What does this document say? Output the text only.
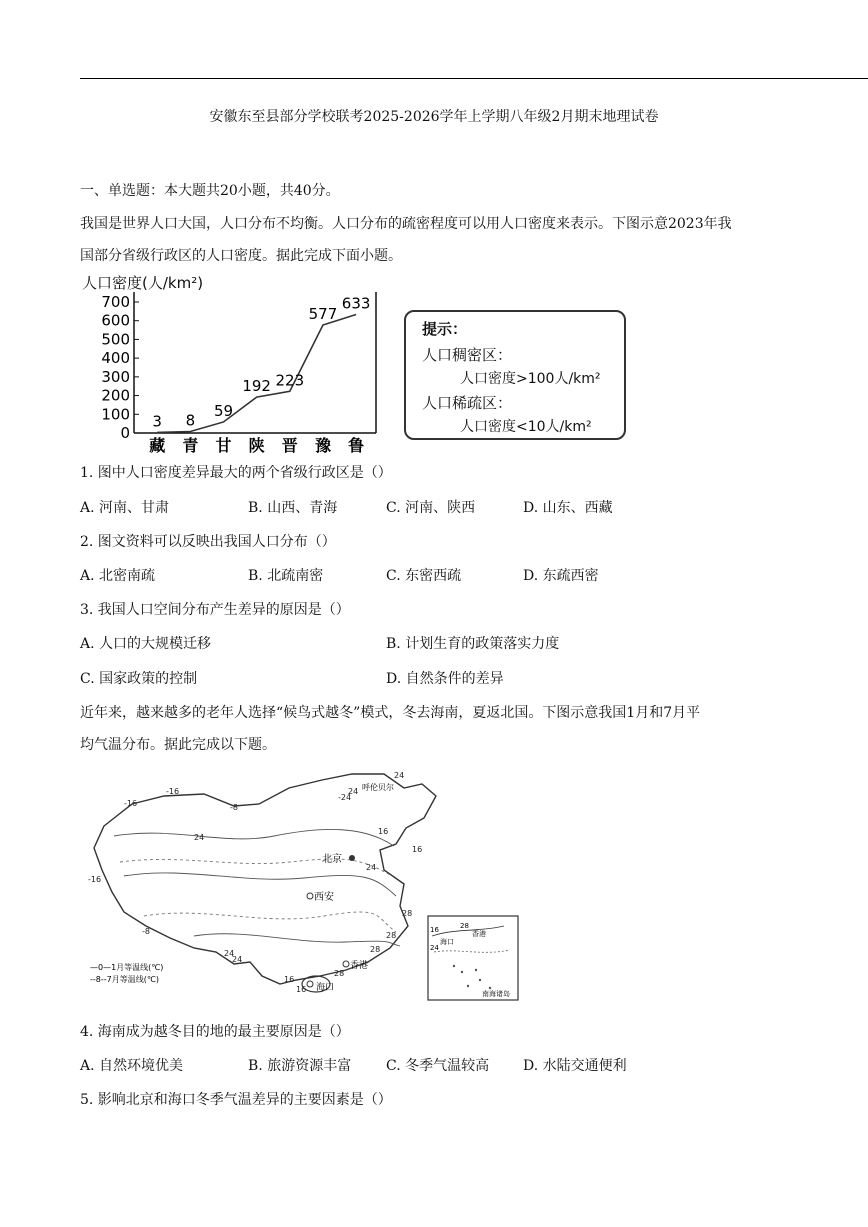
安徽东至县部分学校联考2025-2026学年上学期八年级2月期末地理试卷
一、单选题：本大题共20小题，共40分。
我国是世界人口大国，人口分布不均衡。人口分布的疏密程度可以用人口密度来表示。下图示意2023年我
国部分省级行政区的人口密度。据此完成下面小题。
人口密度(人/km²)
0
100
200
300
400
500
600
700
藏 青 甘 陕 晋 豫 鲁
3 8
59
192 223
577
633
提示：
人口稠密区：
人口密度>100人/km²
人口稀疏区：
人口密度<10人/km²
1. 图中人口密度差异最大的两个省级行政区是（）
A. 河南、甘肃	B. 山西、青海	C. 河南、陕西	D. 山东、西藏
2. 图文资料可以反映出我国人口分布（）
A. 北密南疏	B. 北疏南密	C. 东密西疏	D. 东疏西密
3. 我国人口空间分布产生差异的原因是（）
A. 人口的大规模迁移	B. 计划生育的政策落实力度
C. 国家政策的控制	D. 自然条件的差异
近年来，越来越多的老年人选择“候鸟式越冬”模式，冬去海南，夏返北国。下图示意我国1月和7月平
均气温分布。据此完成以下题。
北京
西安
海口
呼伦贝尔
香港
-16
-16
-16
-8
-8
24
24
24
28
28
16
16
-24
24
16
28
28
24
24
16
—0—1月等温线(℃)
--8--7月等温线(℃)
海口
香港
16
24
28
南海诸岛
4. 海南成为越冬目的地的最主要原因是（）
A. 自然环境优美	B. 旅游资源丰富 C. 冬季气温较高 D. 水陆交通便利
5. 影响北京和海口冬季气温差异的主要因素是（）
